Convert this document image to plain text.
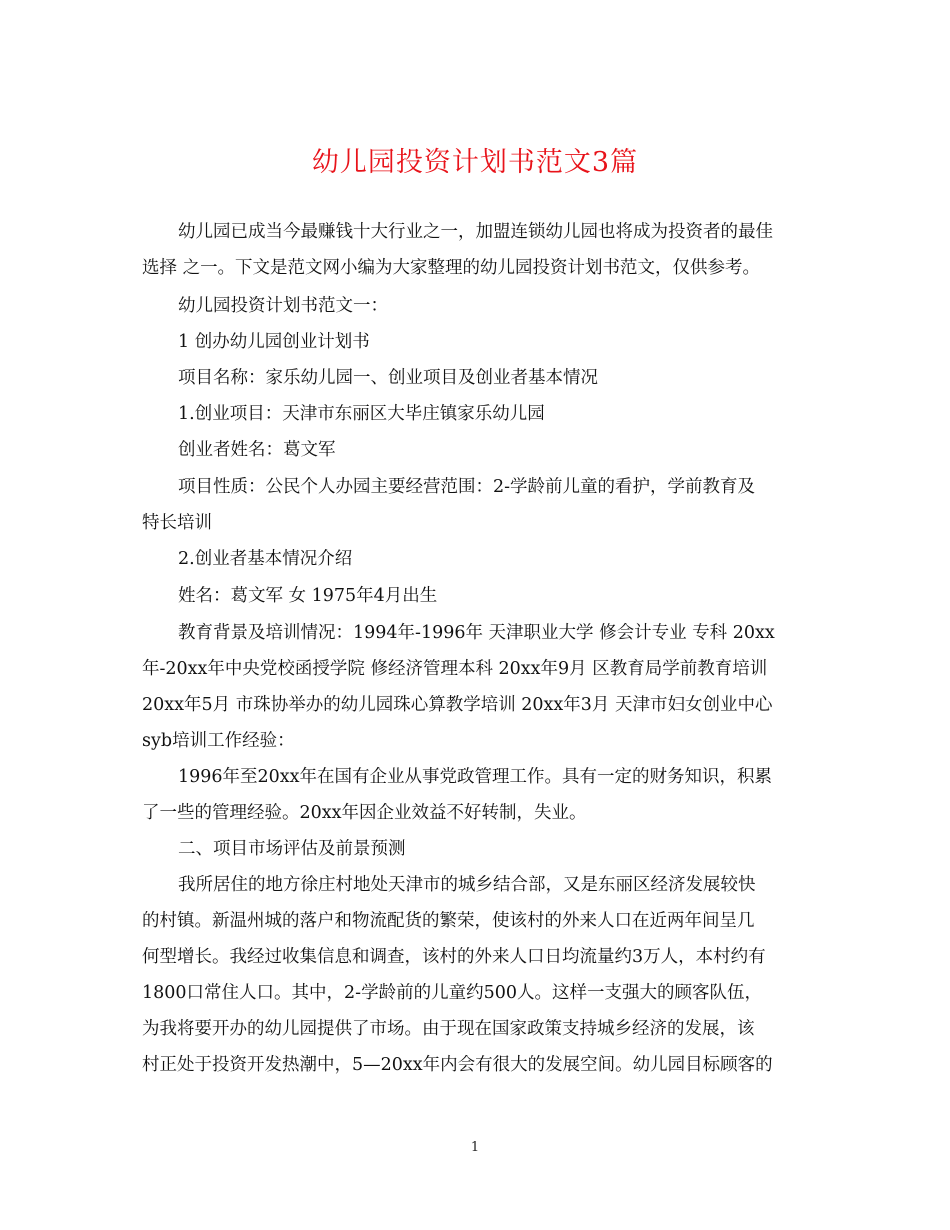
幼儿园投资计划书范文3篇
幼儿园已成当今最赚钱十大行业之一，加盟连锁幼儿园也将成为投资者的最佳
选择 之一。下文是范文网小编为大家整理的幼儿园投资计划书范文，仅供参考。
幼儿园投资计划书范文一：
1 创办幼儿园创业计划书
项目名称：家乐幼儿园一、创业项目及创业者基本情况
1.创业项目：天津市东丽区大毕庄镇家乐幼儿园
创业者姓名：葛文军
项目性质：公民个人办园主要经营范围：2-学龄前儿童的看护，学前教育及
特长培训
2.创业者基本情况介绍
姓名：葛文军 女 1975年4月出生
教育背景及培训情况：1994年-1996年 天津职业大学 修会计专业 专科 20xx
年-20xx年中央党校函授学院 修经济管理本科 20xx年9月 区教育局学前教育培训
20xx年5月 市珠协举办的幼儿园珠心算教学培训 20xx年3月 天津市妇女创业中心
syb培训工作经验：
1996年至20xx年在国有企业从事党政管理工作。具有一定的财务知识，积累
了一些的管理经验。20xx年因企业效益不好转制，失业。
二、项目市场评估及前景预测
我所居住的地方徐庄村地处天津市的城乡结合部，又是东丽区经济发展较快
的村镇。新温州城的落户和物流配货的繁荣，使该村的外来人口在近两年间呈几
何型增长。我经过收集信息和调查，该村的外来人口日均流量约3万人，本村约有
1800口常住人口。其中，2-学龄前的儿童约500人。这样一支强大的顾客队伍，
为我将要开办的幼儿园提供了市场。由于现在国家政策支持城乡经济的发展，该
村正处于投资开发热潮中，5—20xx年内会有很大的发展空间。幼儿园目标顾客的
1
